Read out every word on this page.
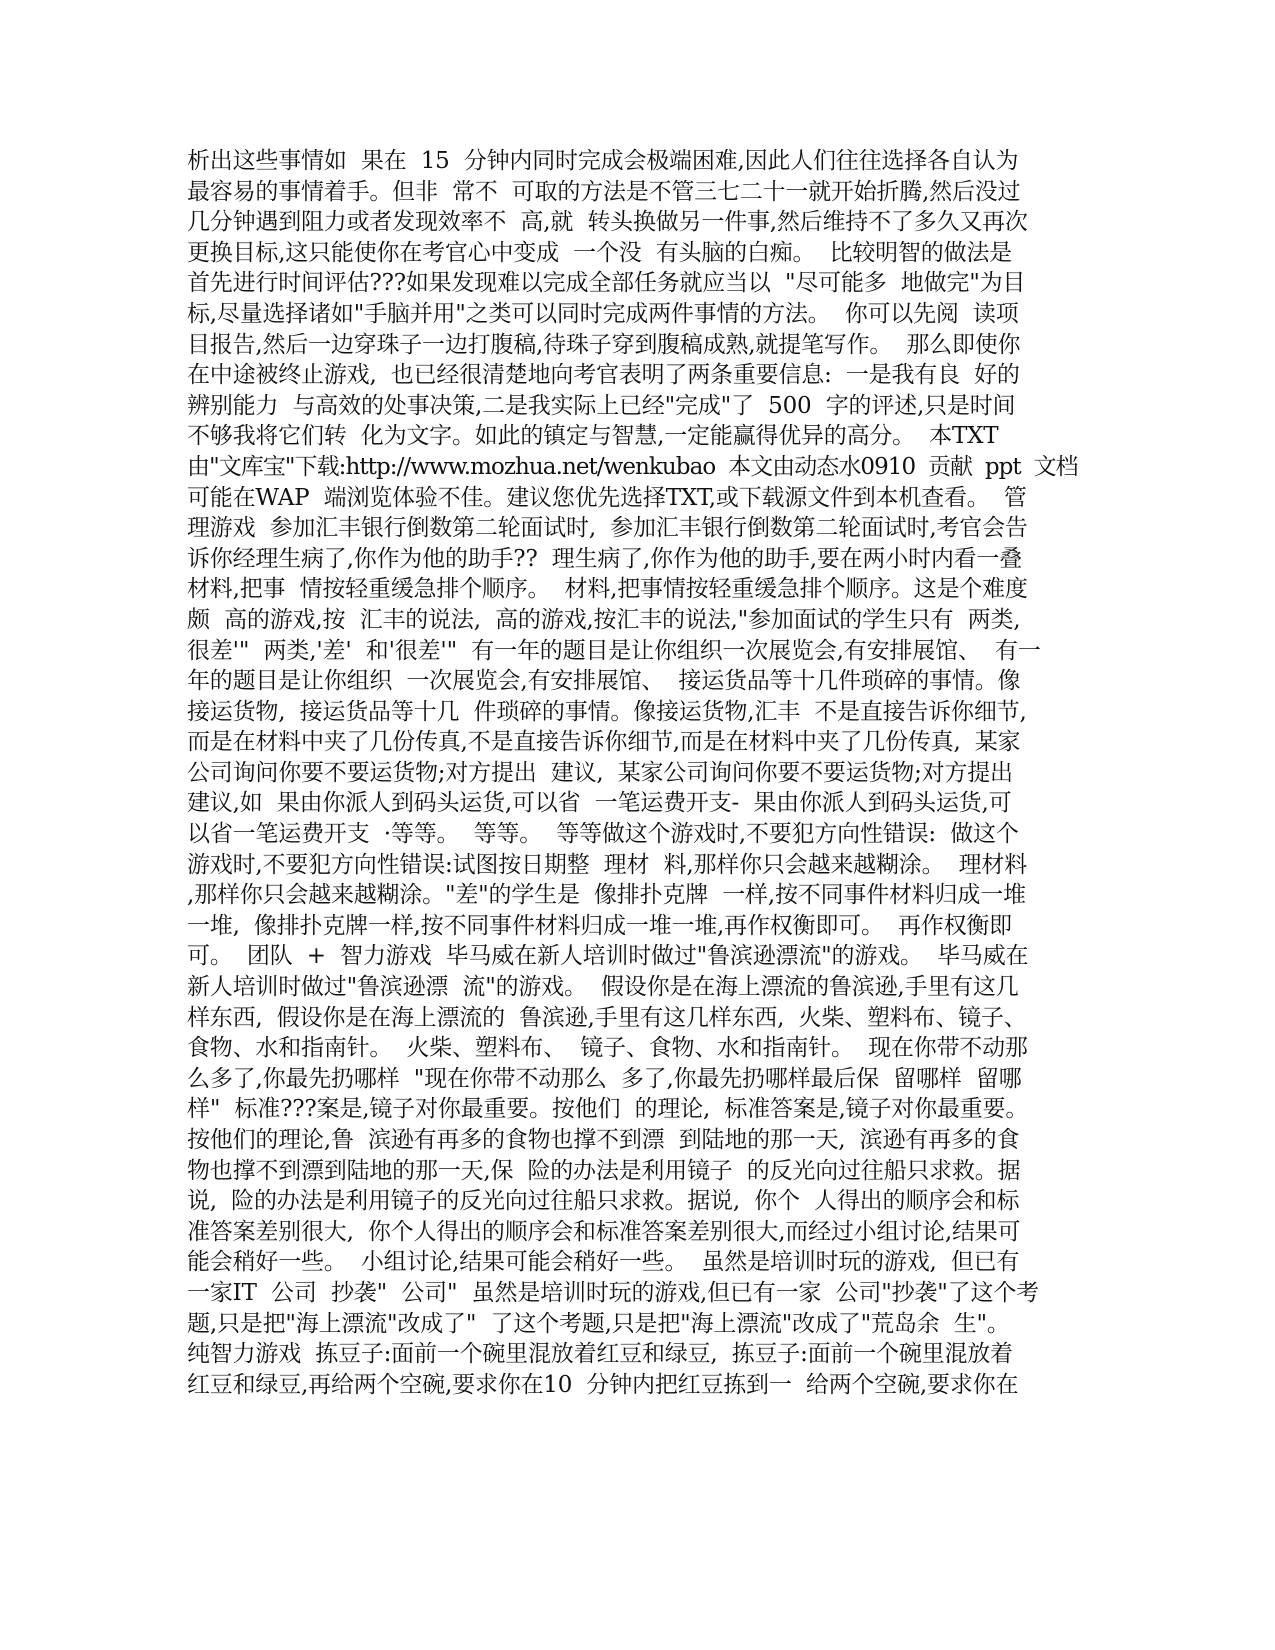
析出这些事情如  果在  15  分钟内同时完成会极端困难,因此人们往往选择各自认为
最容易的事情着手。但非  常不  可取的方法是不管三七二十一就开始折腾,然后没过
几分钟遇到阻力或者发现效率不  高,就  转头换做另一件事,然后维持不了多久又再次
更换目标,这只能使你在考官心中变成  一个没  有头脑的白痴。  比较明智的做法是
首先进行时间评估???如果发现难以完成全部任务就应当以  "尽可能多  地做完"为目
标,尽量选择诸如"手脑并用"之类可以同时完成两件事情的方法。  你可以先阅  读项
目报告,然后一边穿珠子一边打腹稿,待珠子穿到腹稿成熟,就提笔写作。  那么即使你
在中途被终止游戏,  也已经很清楚地向考官表明了两条重要信息:  一是我有良  好的
辨别能力  与高效的处事决策,二是我实际上已经"完成"了  500  字的评述,只是时间
不够我将它们转  化为文字。如此的镇定与智慧,一定能赢得优异的高分。  本TXT
由"文库宝"下载:http://www.mozhua.net/wenkubao  本文由动态水0910  贡献  ppt  文档
可能在WAP  端浏览体验不佳。建议您优先选择TXT,或下载源文件到本机查看。  管
理游戏  参加汇丰银行倒数第二轮面试时,  参加汇丰银行倒数第二轮面试时,考官会告
诉你经理生病了,你作为他的助手??  理生病了,你作为他的助手,要在两小时内看一叠
材料,把事  情按轻重缓急排个顺序。  材料,把事情按轻重缓急排个顺序。这是个难度
颇  高的游戏,按  汇丰的说法,  高的游戏,按汇丰的说法,"参加面试的学生只有  两类,
很差'"  两类,'差'  和'很差'"  有一年的题目是让你组织一次展览会,有安排展馆、  有一
年的题目是让你组织  一次展览会,有安排展馆、  接运货品等十几件琐碎的事情。像
接运货物,  接运货品等十几  件琐碎的事情。像接运货物,汇丰  不是直接告诉你细节,
而是在材料中夹了几份传真,不是直接告诉你细节,而是在材料中夹了几份传真,  某家
公司询问你要不要运货物;对方提出  建议,  某家公司询问你要不要运货物;对方提出
建议,如  果由你派人到码头运货,可以省  一笔运费开支-  果由你派人到码头运货,可
以省一笔运费开支  ·等等。  等等。  等等做这个游戏时,不要犯方向性错误:  做这个
游戏时,不要犯方向性错误:试图按日期整  理材  料,那样你只会越来越糊涂。  理材料
,那样你只会越来越糊涂。"差"的学生是  像排扑克牌  一样,按不同事件材料归成一堆
一堆,  像排扑克牌一样,按不同事件材料归成一堆一堆,再作权衡即可。  再作权衡即
可。  团队  +  智力游戏  毕马威在新人培训时做过"鲁滨逊漂流"的游戏。  毕马威在
新人培训时做过"鲁滨逊漂  流"的游戏。  假设你是在海上漂流的鲁滨逊,手里有这几
样东西,  假设你是在海上漂流的  鲁滨逊,手里有这几样东西,  火柴、塑料布、镜子、
食物、水和指南针。  火柴、塑料布、  镜子、食物、水和指南针。  现在你带不动那
么多了,你最先扔哪样  "现在你带不动那么  多了,你最先扔哪样最后保  留哪样  留哪
样"  标准???案是,镜子对你最重要。按他们  的理论,  标准答案是,镜子对你最重要。
按他们的理论,鲁  滨逊有再多的食物也撑不到漂  到陆地的那一天,  滨逊有再多的食
物也撑不到漂到陆地的那一天,保  险的办法是利用镜子  的反光向过往船只求救。据
说,  险的办法是利用镜子的反光向过往船只求救。据说,  你个  人得出的顺序会和标
准答案差别很大,  你个人得出的顺序会和标准答案差别很大,而经过小组讨论,结果可
能会稍好一些。  小组讨论,结果可能会稍好一些。  虽然是培训时玩的游戏,  但已有
一家IT  公司  抄袭"  公司"  虽然是培训时玩的游戏,但已有一家  公司"抄袭"了这个考
题,只是把"海上漂流"改成了"  了这个考题,只是把"海上漂流"改成了"荒岛余  生"。
纯智力游戏  拣豆子:面前一个碗里混放着红豆和绿豆,  拣豆子:面前一个碗里混放着
红豆和绿豆,再给两个空碗,要求你在10  分钟内把红豆拣到一  给两个空碗,要求你在
